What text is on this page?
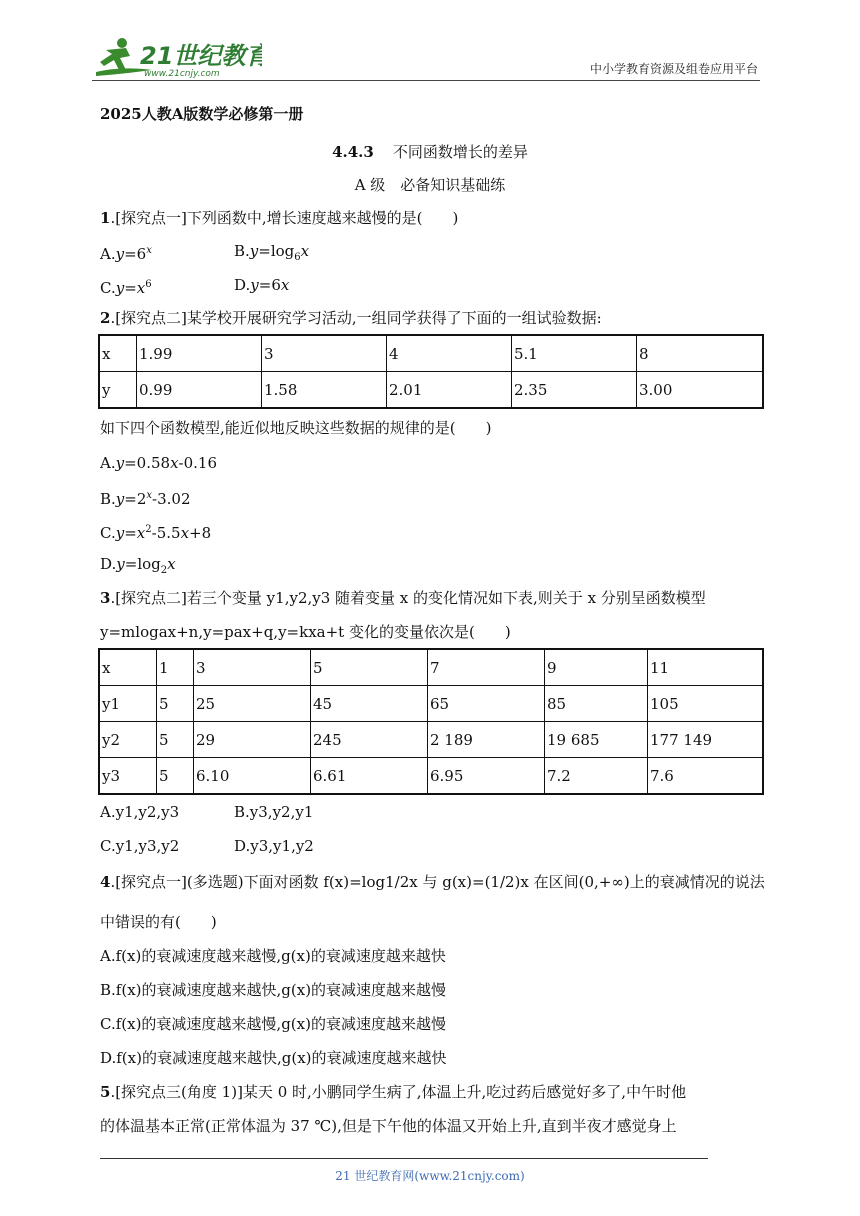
21世纪教育
www.21cnjy.com	中小学教育资源及组卷应用平台
2025人教A版数学必修第一册
4.4.3 不同函数增长的差异
A 级　必备知识基础练
1.[探究点一]下列函数中,增长速度越来越慢的是(　　)
$A.y=6^x$	$B.y=\log_6x$
$C.y=x^6$	D.y=6x
2.[探究点二]某学校开展研究学习活动,一组同学获得了下面的一组试验数据:
x	1.99	3	4	5.1	8
y	0.99	1.58	2.01	2.35	3.00
如下四个函数模型,能近似地反映这些数据的规律的是(　　)
A.y=0.58x-0.16
$B.y=2^x-3.02$
$C.y=x^2-5.5x+8$
$D.y=\log_2x$
3.[探究点二]若三个变量 y1,y2,y3 随着变量 x 的变化情况如下表,则关于 x 分别呈函数模型
y=mlogax+n,y=pax+q,y=kxa+t 变化的变量依次是(　　)
x	1	3	5	7	9	11
y1	5	25	45	65	85	105
y2	5	29	245	2 189	19 685	177 149
y3	5	6.10	6.61	6.95	7.2	7.6
A.y1,y2,y3	B.y3,y2,y1
C.y1,y3,y2	D.y3,y1,y2
4.[探究点一](多选题)下面对函数 f(x)=log1/2x 与 g(x)=(1/2)x 在区间(0,+∞)上的衰减情况的说法
中错误的有(　　)
A.f(x)的衰减速度越来越慢,g(x)的衰减速度越来越快
B.f(x)的衰减速度越来越快,g(x)的衰减速度越来越慢
C.f(x)的衰减速度越来越慢,g(x)的衰减速度越来越慢
D.f(x)的衰减速度越来越快,g(x)的衰减速度越来越快
5.[探究点三(角度 1)]某天 0 时,小鹏同学生病了,体温上升,吃过药后感觉好多了,中午时他
的体温基本正常(正常体温为 37 ℃),但是下午他的体温又开始上升,直到半夜才感觉身上
21 世纪教育网(www.21cnjy.com)
